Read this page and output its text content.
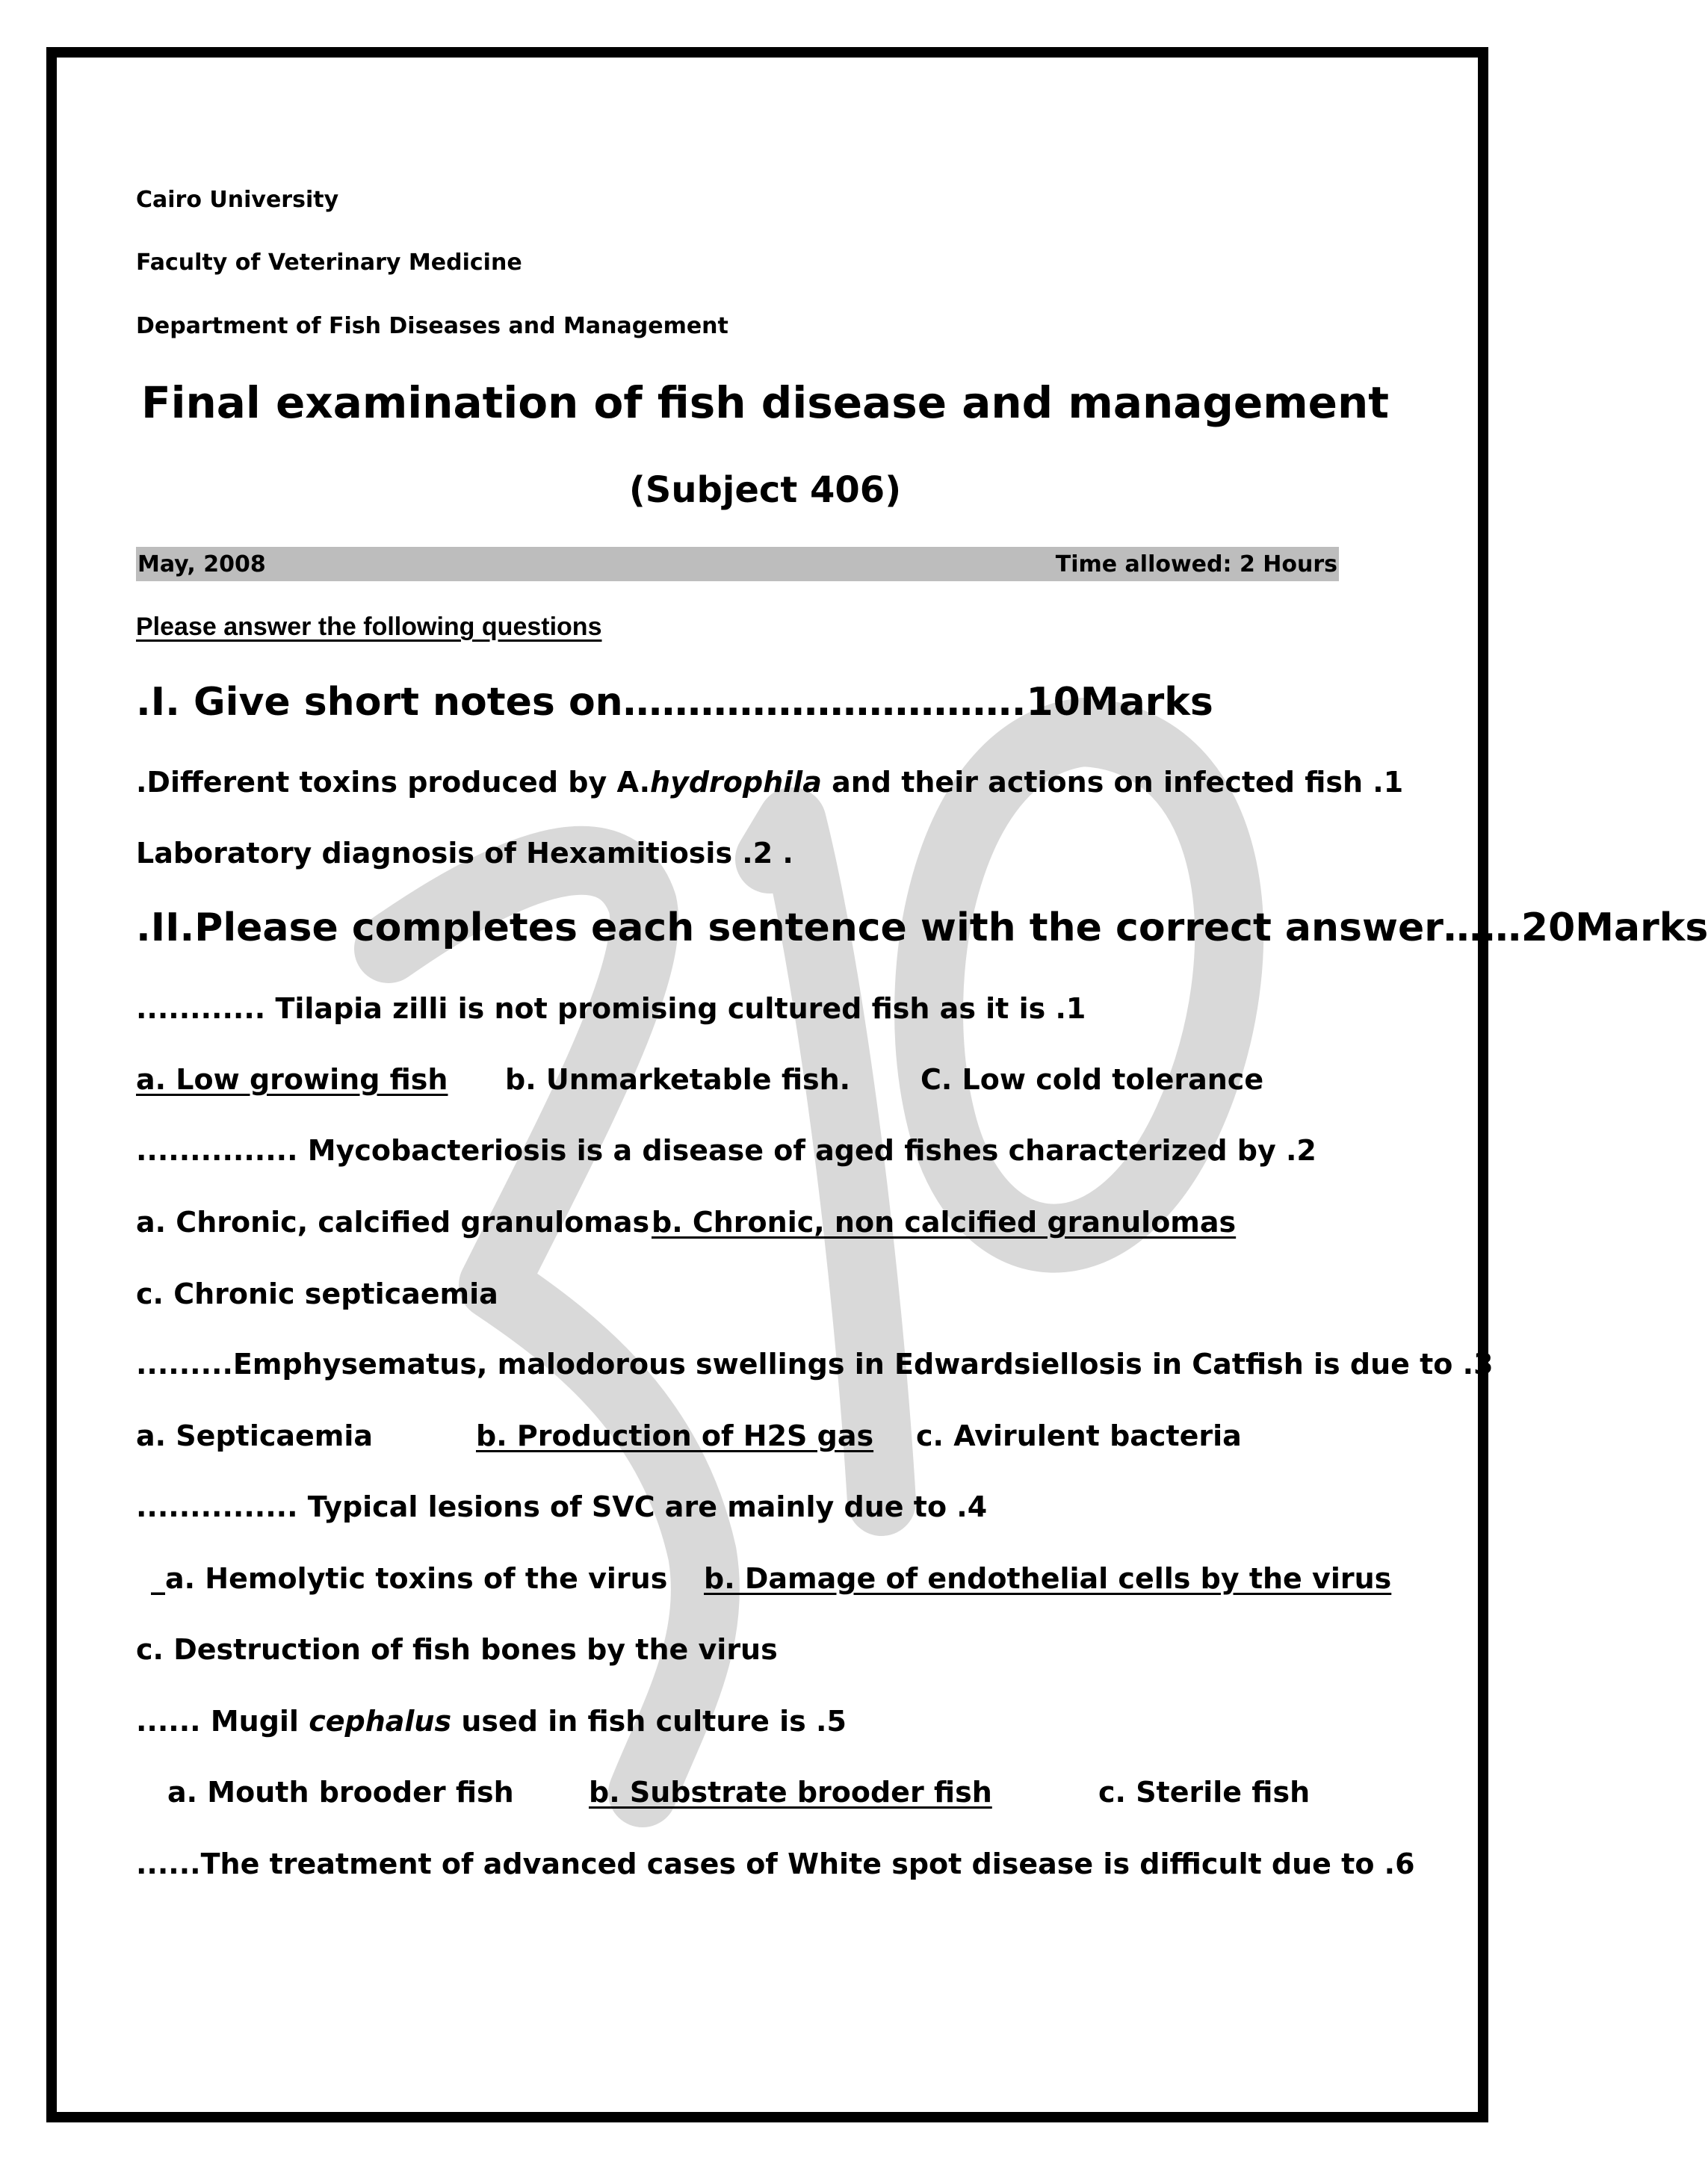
Cairo University
Faculty of Veterinary Medicine
Department of Fish Diseases and Management
Final examination of fish disease and management
(Subject 406)
May, 2008	Time allowed: 2 Hours
Please answer the following questions
.I. Give short notes on………………………….10Marks
.Different toxins produced by A.hydrophila and their actions on infected fish .1
Laboratory diagnosis of Hexamitiosis .2 .
.II.Please completes each sentence with the correct answer……20Marks
............ Tilapia zilli is not promising cultured fish as it is .1
a. Low growing fish b. Unmarketable fish. C. Low cold tolerance
............... Mycobacteriosis is a disease of aged fishes characterized by .2
a. Chronic, calcified granulomas b. Chronic, non calcified granulomas
c. Chronic septicaemia
.........Emphysematus, malodorous swellings in Edwardsiellosis in Catfish is due to .3
a. Septicaemia	b. Production of H2S gas c. Avirulent bacteria
............... Typical lesions of SVC are mainly due to .4
_a. Hemolytic toxins of the virus b. Damage of endothelial cells by the virus
c. Destruction of fish bones by the virus
...... Mugil cephalus used in fish culture is .5
a. Mouth brooder fish	b. Substrate brooder fish	c. Sterile fish
......The treatment of advanced cases of White spot disease is difficult due to .6
